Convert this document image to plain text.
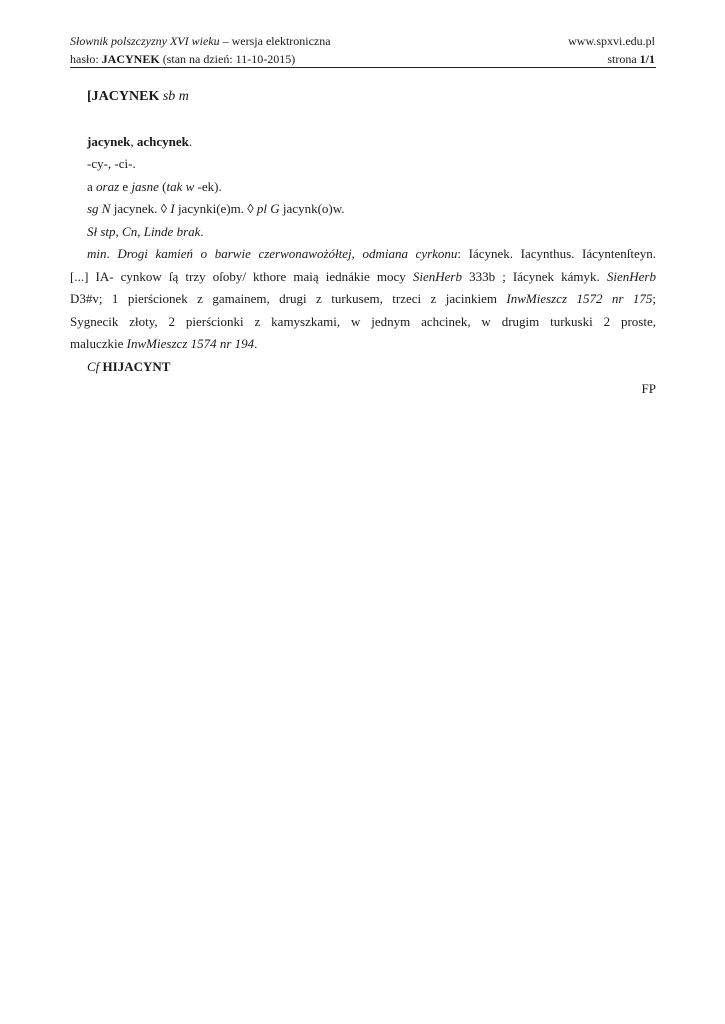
Słownik polszczyzny XVI wieku – wersja elektroniczna	www.spxvi.edu.pl
hasło: JACYNEK (stan na dzień: 11-10-2015)	strona 1/1
[JACYNEK sb m
jacynek, achcynek.
-cy-, -ci-.
a oraz e jasne (tak w -ek).
sg N jacynek. ◊ I jacynki(e)m. ◊ pl G jacynk(o)w.
Sł stp, Cn, Linde brak.
min. Drogi kamień o barwie czerwonawożółtej, odmiana cyrkonu: Iácynek. Iacynthus. Iácyntenſteyn.
[...] IA- cynkow ſą trzy oſoby/ kthore maią iednákie mocy SienHerb 333b ; Iácynek kámyk. SienHerb
D3#v; 1 pierścionek z gamainem, drugi z turkusem, trzeci z jacinkiem InwMieszcz 1572 nr 175;
Sygnecik złoty, 2 pierścionki z kamyszkami, w jednym achcinek, w drugim turkuski 2 proste,
maluczkie InwMieszcz 1574 nr 194.
Cf HIJACYNT
FP
